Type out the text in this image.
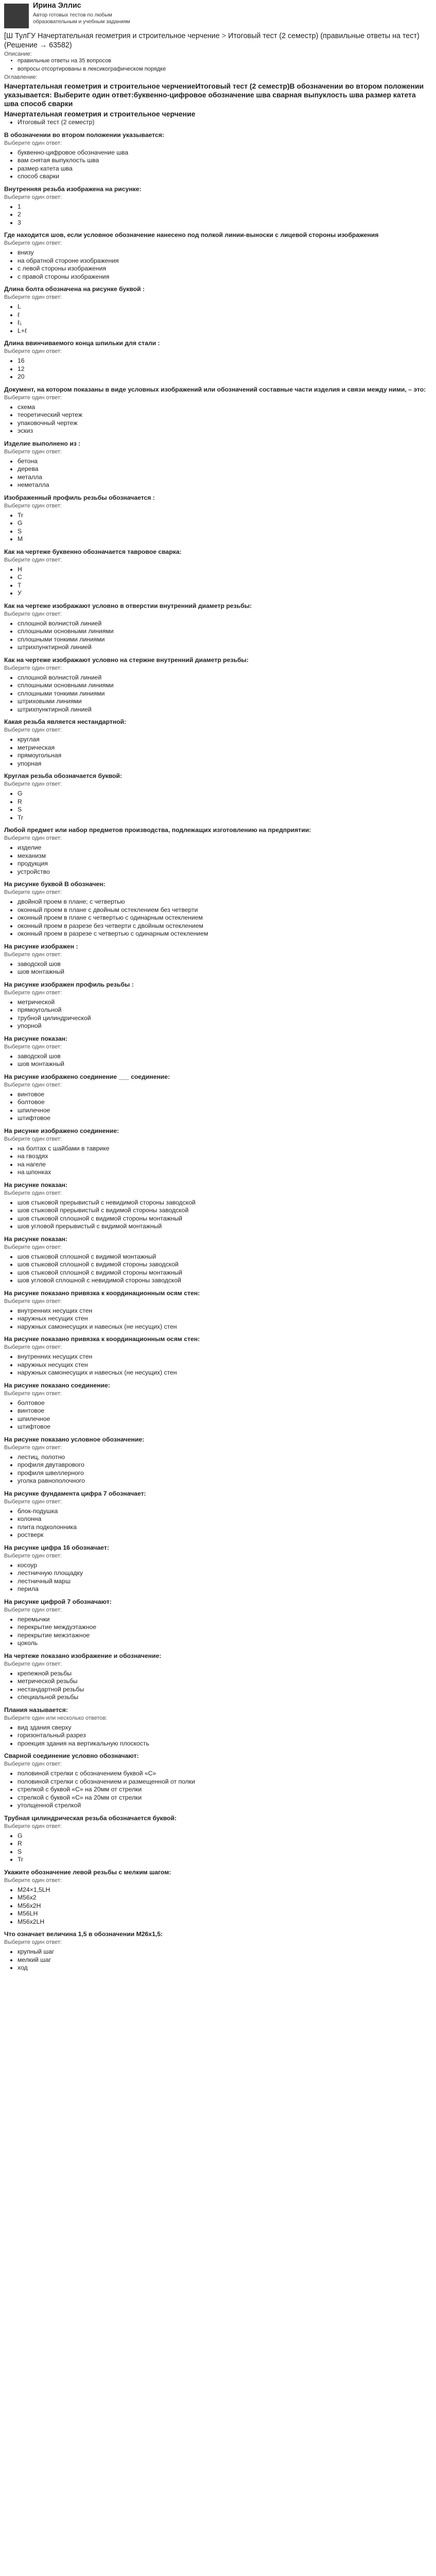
Ирина Эллис
Автор готовых тестов по любым образовательным и учебным заданиям
[Ш ТулГУ Начертательная геометрия и строительное черчение > Итоговый тест (2 семестр) (правильные ответы на тест) (Решение → 63582)
Описание:
• правильные ответы на 35 вопросов
• вопросы отсортированы в лексикографическом порядке
Оглавление:
Начертательная геометрия и строительное черчениеИтоговый тест (2 семестр)В обозначении во втором положении указывается: Выберите один ответ:буквенно-цифровое обозначение шва сварная выпуклость шва размер катета шва способ сварки
Начертательная геометрия и строительное черчение
• Итоговый тест (2 семестр)
В обозначении во втором положении указывается:
Выберите один ответ:
• буквенно-цифровое обозначение шва
• вам снятая выпуклость шва
• размер катета шва
• способ сварки
Внутренняя резьба изображена на рисунке:
Выберите один ответ:
• 1
• 2
• 3
Где находится шов, если условное обозначение нанесено под полкой линии-выноски с лицевой стороны изображения
Выберите один ответ:
• внизу
• на обратной стороне изображения
• с левой стороны изображения
• с правой стороны изображения
Длина болта обозначена на рисунке буквой :
Выберите один ответ:
• L
• ℓ
• ℓ₁
• L+ℓ
Длина ввинчиваемого конца шпильки для стали :
Выберите один ответ:
• 16
• 12
• 20
Документ, на котором показаны в виде условных изображений или обозначений составные части изделия и связи между ними, – это:
Выберите один ответ:
• схема
• теоретический чертеж
• упаковочный чертеж
• эскиз
Изделие выполнено из :
Выберите один ответ:
• бетона
• дерева
• металла
• неметалла
Изображенный профиль резьбы обозначается :
Выберите один ответ:
• Tr
• G
• S
• M
Как на чертеже буквенно обозначается тавровое сварка:
Выберите один ответ:
• Н
• С
• Т
• У
Как на чертеже изображают условно в отверстии внутренний диаметр резьбы:
Выберите один ответ:
• сплошной волнистой линией
• сплошными основными линиями
• сплошными тонкими линиями
• штрихпунктирной линией
Как на чертеже изображают условно на стержне внутренний диаметр резьбы:
Выберите один ответ:
• сплошной волнистой линией
• сплошными основными линиями
• сплошными тонкими линиями
• штриховыми линиями
• штрихпунктирной линией
Какая резьба является нестандартной:
Выберите один ответ:
• круглая
• метрическая
• прямоугольная
• упорная
Круглая резьба обозначается буквой:
Выберите один ответ:
• G
• R
• S
• Tr
Любой предмет или набор предметов производства, подлежащих изготовлению на предприятии:
Выберите один ответ:
• изделие
• механизм
• продукция
• устройство
На рисунке буквой В обозначен:
Выберите один ответ:
• двойной проем в плане; с четвертью
• оконный проем в плане с двойным остеклением без четверти
• оконный проем в плане с четвертью с одинарным остеклением
• оконный проем в разрезе без четверти с двойным остеклением
• оконный проем в разрезе с четвертью с одинарным остеклением
На рисунке изображен :
Выберите один ответ:
• заводской шов
• шов монтажный
На рисунке изображен профиль резьбы :
Выберите один ответ:
• метрической
• прямоугольной
• трубной цилиндрической
• упорной
На рисунке показан:
Выберите один ответ:
• заводской шов
• шов монтажный
На рисунке изображено соединение ___ соединение:
Выберите один ответ:
• винтовое
• болтовое
• шпилечное
• штифтовое
На рисунке изображено соединение:
Выберите один ответ:
• на болтах с шайбами в таврике
• на гвоздях
• на нагеле
• на шпонках
На рисунке показан:
Выберите один ответ:
• шов стыковой прерывистый с невидимой стороны заводской
• шов стыковой прерывистый с видимой стороны заводской
• шов стыковой сплошной с видимой стороны монтажный
• шов угловой прерывистый с видимой монтажный
На рисунке показан:
Выберите один ответ:
• шов стыковой сплошной с видимой монтажный
• шов стыковой сплошной с видимой стороны заводской
• шов стыковой сплошной с видимой стороны монтажный
• шов угловой сплошной с невидимой стороны заводской
На рисунке показано привязка к координационным осям стен:
Выберите один ответ:
• внутренних несущих стен
• наружных несущих стен
• наружных самонесущих и навесных (не несущих) стен
На рисунке показано привязка к координационным осям стен:
Выберите один ответ:
• внутренних несущих стен
• наружных несущих стен
• наружных самонесущих и навесных (не несущих) стен
На рисунке показано соединение:
Выберите один ответ:
• болтовое
• винтовое
• шпилечное
• штифтовое
На рисунке показано условное обозначение:
Выберите один ответ:
• лестиц, полотно
• профиля двутаврового
• профиля швеллерного
• уголка равнополочного
На рисунке фундамента цифра 7 обозначает:
Выберите один ответ:
• блок-подушка
• колонна
• плита подколонника
• ростверк
На рисунке цифра 16 обозначает:
Выберите один ответ:
• косоур
• лестничную площадку
• лестничный марш
• перила
На рисунке цифрой 7 обозначают:
Выберите один ответ:
• перемычки
• перекрытие междуэтажное
• перекрытие межэтажное
• цоколь
На чертеже показано изображение и обозначение:
Выберите один ответ:
• крепежной резьбы
• метрической резьбы
• нестандартной резьбы
• специальной резьбы
Плания называется:
Выберите один или несколько ответов:
• вид здания сверху
• горизонтальный разрез
• проекция здания на вертикальную плоскость
Сварной соединение условно обозначают:
Выберите один ответ:
• половиной стрелки с обозначением буквой «С»
• половиной стрелки с обозначением и размещенной от полки
• стрелкой с буквой «С» на 20мм от стрелки
• стрелкой с буквой «С» на 20мм от стрелки
• утолщенной стрелкой
Трубная цилиндрическая резьба обозначается буквой:
Выберите один ответ:
• G
• R
• S
• Tr
Укажите обозначение левой резьбы с мелким шагом:
Выберите один ответ:
• M24×1,5LH
• M56х2
• M56х2H
• M56LH
• M56x2LH
Что означает величина 1,5 в обозначении M26x1,5:
Выберите один ответ:
• крупный шаг
• мелкий шаг
• ход
